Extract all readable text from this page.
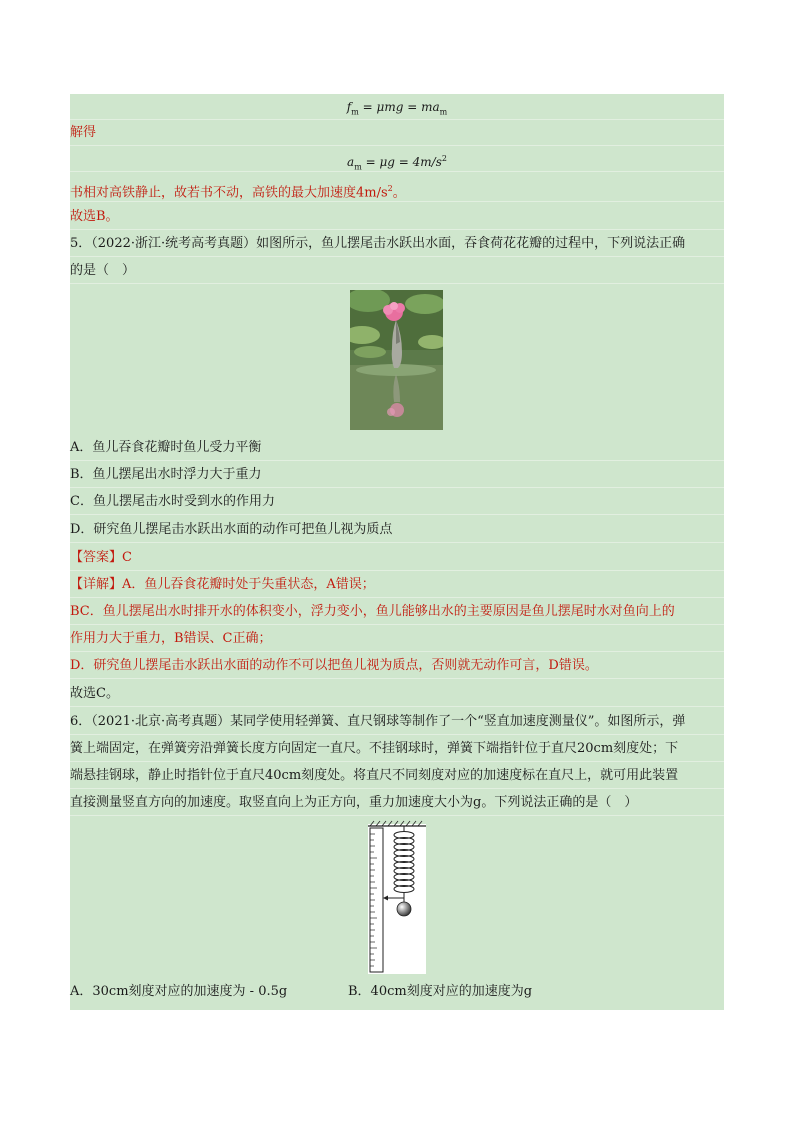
$f_m = \mu mg = ma_m$
解得
$a_m = \mu g = 4m/s^2$
书相对高铁静止，故若书不动，高铁的最大加速度$4m/s^2$。
故选B。
5．（2022·浙江·统考高考真题）如图所示，鱼儿摆尾击水跃出水面，吞食荷花花瓣的过程中，下列说法正确
的是（　）
A．鱼儿吞食花瓣时鱼儿受力平衡
B．鱼儿摆尾出水时浮力大于重力
C．鱼儿摆尾击水时受到水的作用力
D．研究鱼儿摆尾击水跃出水面的动作可把鱼儿视为质点
【答案】C
【详解】A．鱼儿吞食花瓣时处于失重状态，A错误；
BC．鱼儿摆尾出水时排开水的体积变小，浮力变小，鱼儿能够出水的主要原因是鱼儿摆尾时水对鱼向上的
作用力大于重力，B错误、C正确；
D．研究鱼儿摆尾击水跃出水面的动作不可以把鱼儿视为质点，否则就无动作可言，D错误。
故选C。
6．（2021·北京·高考真题）某同学使用轻弹簧、直尺钢球等制作了一个“竖直加速度测量仪”。如图所示，弹
簧上端固定，在弹簧旁沿弹簧长度方向固定一直尺。不挂钢球时，弹簧下端指针位于直尺20cm刻度处；下
端悬挂钢球，静止时指针位于直尺40cm刻度处。将直尺不同刻度对应的加速度标在直尺上，就可用此装置
直接测量竖直方向的加速度。取竖直向上为正方向，重力加速度大小为g。下列说法正确的是（　）
A．30cm刻度对应的加速度为 - 0.5g	B．40cm刻度对应的加速度为g
